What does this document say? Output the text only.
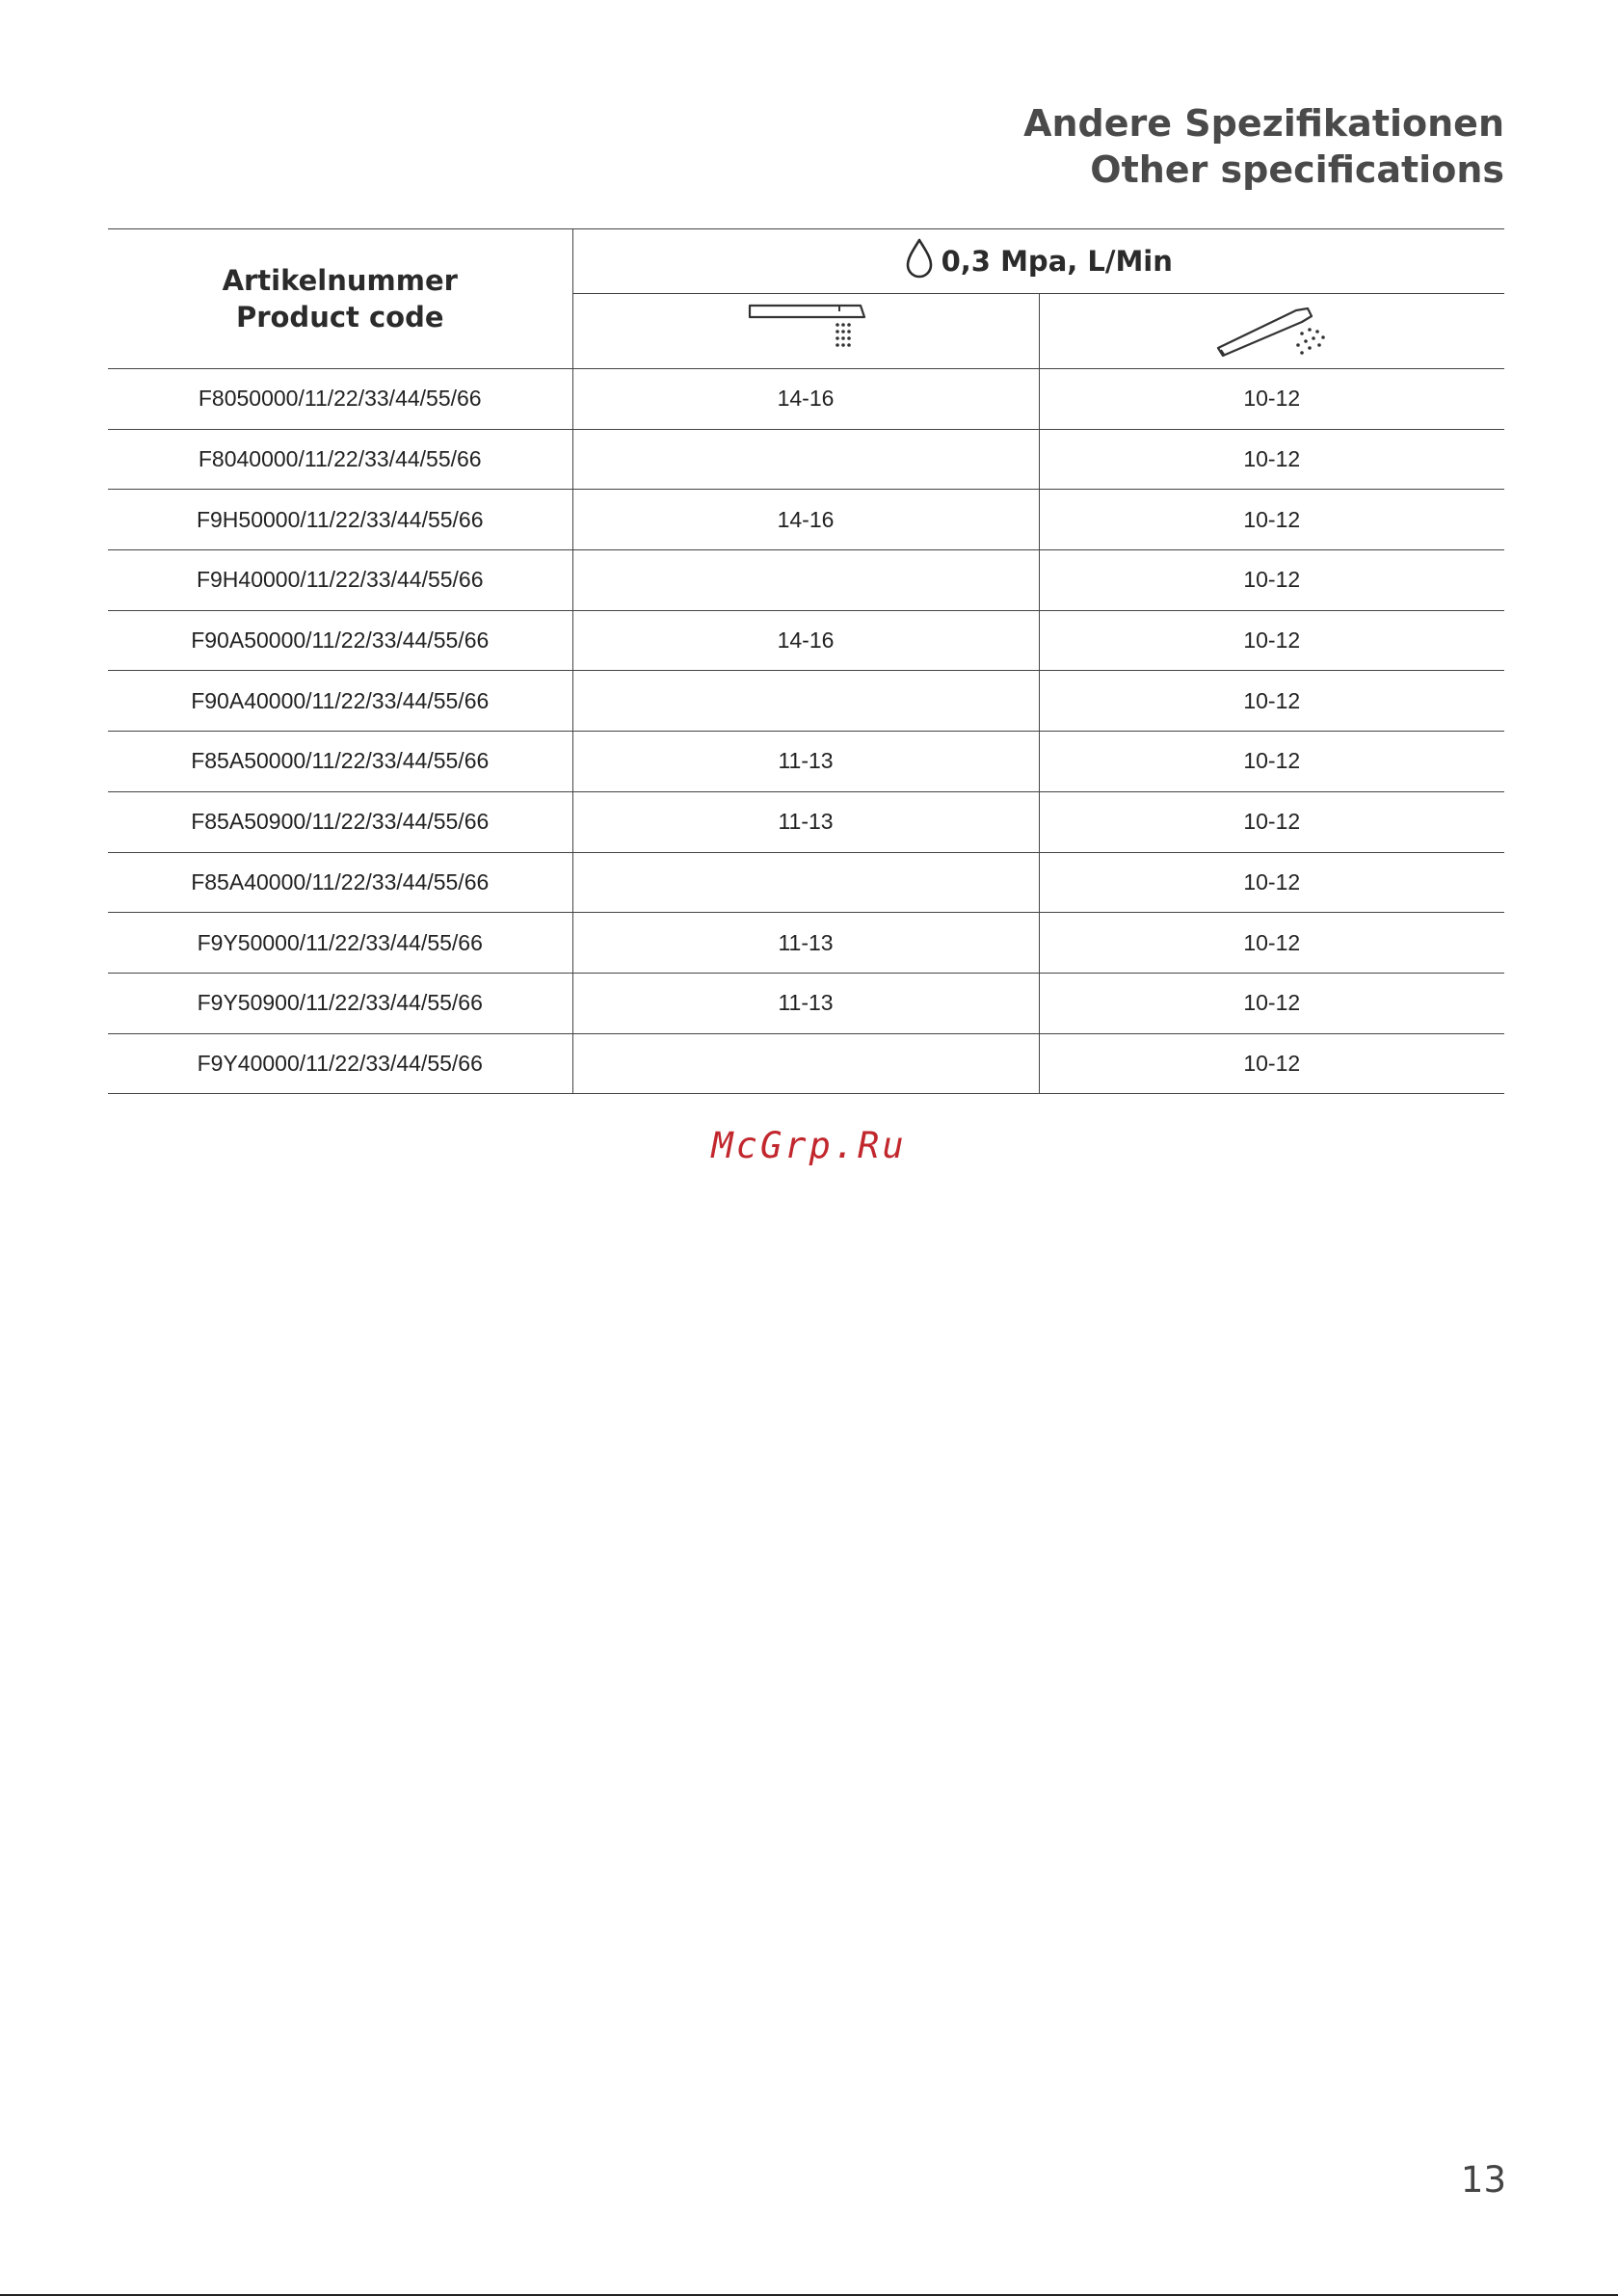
Andere Spezifikationen
Other specifications
Artikelnummer
Product code	0,3 Mpa, L/Min	

F8050000/11/22/33/44/55/66	14-16	10-12
F8040000/11/22/33/44/55/66		10-12
F9H50000/11/22/33/44/55/66	14-16	10-12
F9H40000/11/22/33/44/55/66		10-12
F90A50000/11/22/33/44/55/66	14-16	10-12
F90A40000/11/22/33/44/55/66		10-12
F85A50000/11/22/33/44/55/66	11-13	10-12
F85A50900/11/22/33/44/55/66	11-13	10-12
F85A40000/11/22/33/44/55/66		10-12
F9Y50000/11/22/33/44/55/66	11-13	10-12
F9Y50900/11/22/33/44/55/66	11-13	10-12
F9Y40000/11/22/33/44/55/66		10-12
McGrp.Ru
13
